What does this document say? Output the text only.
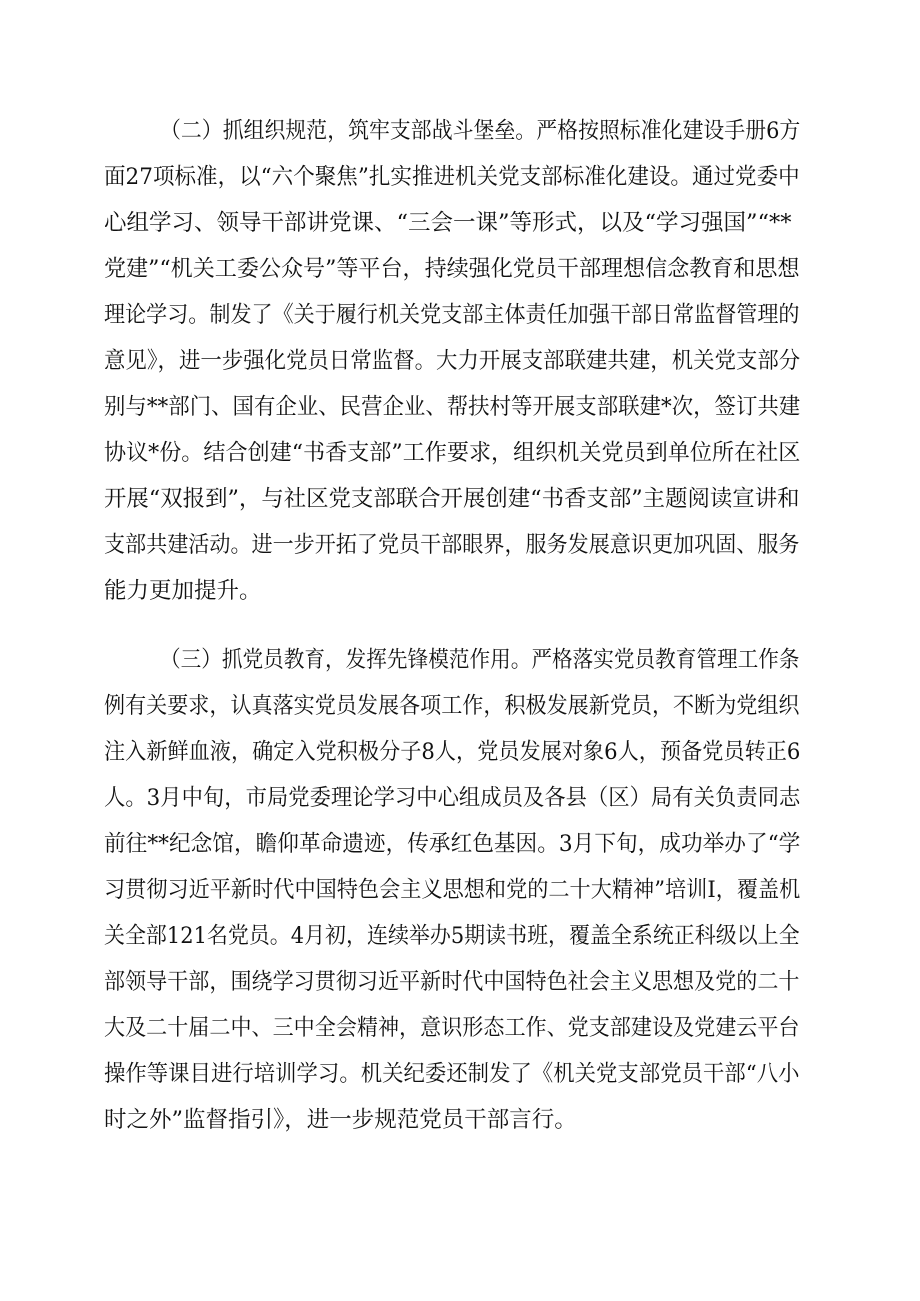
（二）抓组织规范，筑牢支部战斗堡垒。严格按照标准化建设手册6方
面27项标准，以“六个聚焦”扎实推进机关党支部标准化建设。通过党委中
心组学习、领导干部讲党课、“三会一课”等形式，以及“学习强国”“**
党建”“机关工委公众号”等平台，持续强化党员干部理想信念教育和思想
理论学习。制发了《关于履行机关党支部主体责任加强干部日常监督管理的
意见》，进一步强化党员日常监督。大力开展支部联建共建，机关党支部分
别与**部门、国有企业、民营企业、帮扶村等开展支部联建*次，签订共建
协议*份。结合创建“书香支部”工作要求，组织机关党员到单位所在社区
开展“双报到”，与社区党支部联合开展创建“书香支部”主题阅读宣讲和
支部共建活动。进一步开拓了党员干部眼界，服务发展意识更加巩固、服务
能力更加提升。
（三）抓党员教育，发挥先锋模范作用。严格落实党员教育管理工作条
例有关要求，认真落实党员发展各项工作，积极发展新党员，不断为党组织
注入新鲜血液，确定入党积极分子8人，党员发展对象6人，预备党员转正6
人。3月中旬，市局党委理论学习中心组成员及各县（区）局有关负责同志
前往**纪念馆，瞻仰革命遗迹，传承红色基因。3月下旬，成功举办了“学
习贯彻习近平新时代中国特色会主义思想和党的二十大精神”培训I，覆盖机
关全部121名党员。4月初，连续举办5期读书班，覆盖全系统正科级以上全
部领导干部，围绕学习贯彻习近平新时代中国特色社会主义思想及党的二十
大及二十届二中、三中全会精神，意识形态工作、党支部建设及党建云平台
操作等课目进行培训学习。机关纪委还制发了《机关党支部党员干部“八小
时之外”监督指引》，进一步规范党员干部言行。
